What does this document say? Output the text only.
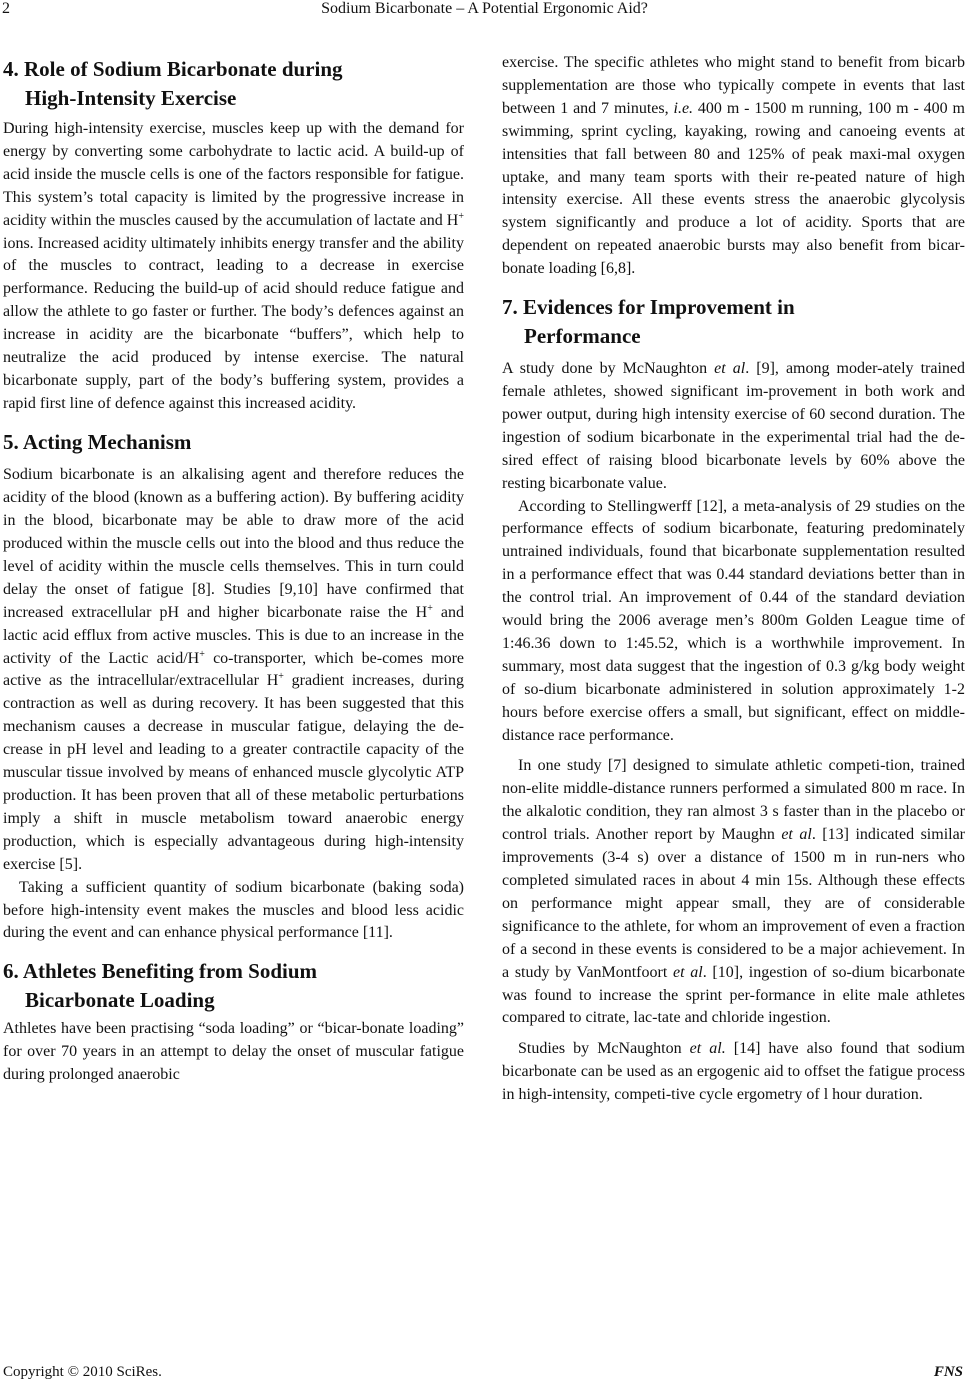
2	Sodium Bicarbonate – A Potential Ergonomic Aid?
4. Role of Sodium Bicarbonate during
High-Intensity Exercise

During high-intensity exercise, muscles keep up with the demand for energy by converting some carbohydrate to lactic acid. A build-up of acid inside the muscle cells is one of the factors responsible for fatigue. This system’s total capacity is limited by the progressive increase in acidity within the muscles caused by the accumulation of lactate and H+ ions. Increased acidity ultimately inhibits energy transfer and the ability of the muscles to contract, leading to a decrease in exercise performance. Reducing the build-up of acid should reduce fatigue and allow the athlete to go faster or further. The body’s defences against an increase in acidity are the bicarbonate “buffers”, which help to neutralize the acid produced by intense exercise. The natural bicarbonate supply, part of the body’s buffering system, provides a rapid first line of defence against this increased acidity.

5. Acting Mechanism

Sodium bicarbonate is an alkalising agent and therefore reduces the acidity of the blood (known as a buffering action). By buffering acidity in the blood, bicarbonate may be able to draw more of the acid produced within the muscle cells out into the blood and thus reduce the level of acidity within the muscle cells themselves. This in turn could delay the onset of fatigue [8]. Studies [9,10] have confirmed that increased extracellular pH and higher bicarbonate raise the H+ and lactic acid efflux from active muscles. This is due to an increase in the activity of the Lactic acid/H+ co-transporter, which be-comes more active as the intracellular/extracellular H+ gradient increases, during contraction as well as during recovery. It has been suggested that this mechanism causes a decrease in muscular fatigue, delaying the de-crease in pH level and leading to a greater contractile capacity of the muscular tissue involved by means of enhanced muscle glycolytic ATP production. It has been proven that all of these metabolic perturbations imply a shift in muscle metabolism toward anaerobic energy production, which is especially advantageous during high-intensity exercise [5].

Taking a sufficient quantity of sodium bicarbonate (baking soda) before high-intensity event makes the muscles and blood less acidic during the event and can enhance physical performance [11].

6. Athletes Benefiting from Sodium
Bicarbonate Loading

Athletes have been practising “soda loading” or “bicar-bonate loading” for over 70 years in an attempt to delay the onset of muscular fatigue during prolonged anaerobic

exercise. The specific athletes who might stand to benefit from bicarb supplementation are those who typically compete in events that last between 1 and 7 minutes, i.e. 400 m - 1500 m running, 100 m - 400 m swimming, sprint cycling, kayaking, rowing and canoeing events at intensities that fall between 80 and 125% of peak maxi-mal oxygen uptake, and many team sports with their re-peated nature of high intensity exercise. All these events stress the anaerobic glycolysis system significantly and produce a lot of acidity. Sports that are dependent on repeated anaerobic bursts may also benefit from bicar-bonate loading [6,8].

7. Evidences for Improvement in
Performance

A study done by McNaughton et al. [9], among moder-ately trained female athletes, showed significant im-provement in both work and power output, during high intensity exercise of 60 second duration. The ingestion of sodium bicarbonate in the experimental trial had the de-sired effect of raising blood bicarbonate levels by 60% above the resting bicarbonate value.

According to Stellingwerff [12], a meta-analysis of 29 studies on the performance effects of sodium bicarbonate, featuring predominately untrained individuals, found that bicarbonate supplementation resulted in a performance effect that was 0.44 standard deviations better than in the control trial. An improvement of 0.44 of the standard deviation would bring the 2006 average men’s 800m Golden League time of 1:46.36 down to 1:45.52, which is a worthwhile improvement. In summary, most data suggest that the ingestion of 0.3 g/kg body weight of so-dium bicarbonate administered in solution approximately 1-2 hours before exercise offers a small, but significant, effect on middle-distance race performance.

In one study [7] designed to simulate athletic competi-tion, trained non-elite middle-distance runners performed a simulated 800 m race. In the alkalotic condition, they ran almost 3 s faster than in the placebo or control trials. Another report by Maughn et al. [13] indicated similar improvements (3-4 s) over a distance of 1500 m in run-ners who completed simulated races in about 4 min 15s. Although these effects on performance might appear small, they are of considerable significance to the athlete, for whom an improvement of even a fraction of a second in these events is considered to be a major achievement. In a study by VanMontfoort et al. [10], ingestion of so-dium bicarbonate was found to increase the sprint per-formance in elite male athletes compared to citrate, lac-tate and chloride ingestion.

Studies by McNaughton et al. [14] have also found that sodium bicarbonate can be used as an ergogenic aid to offset the fatigue process in high-intensity, competi-tive cycle ergometry of l hour duration.

Copyright © 2010 SciRes.	FNS
